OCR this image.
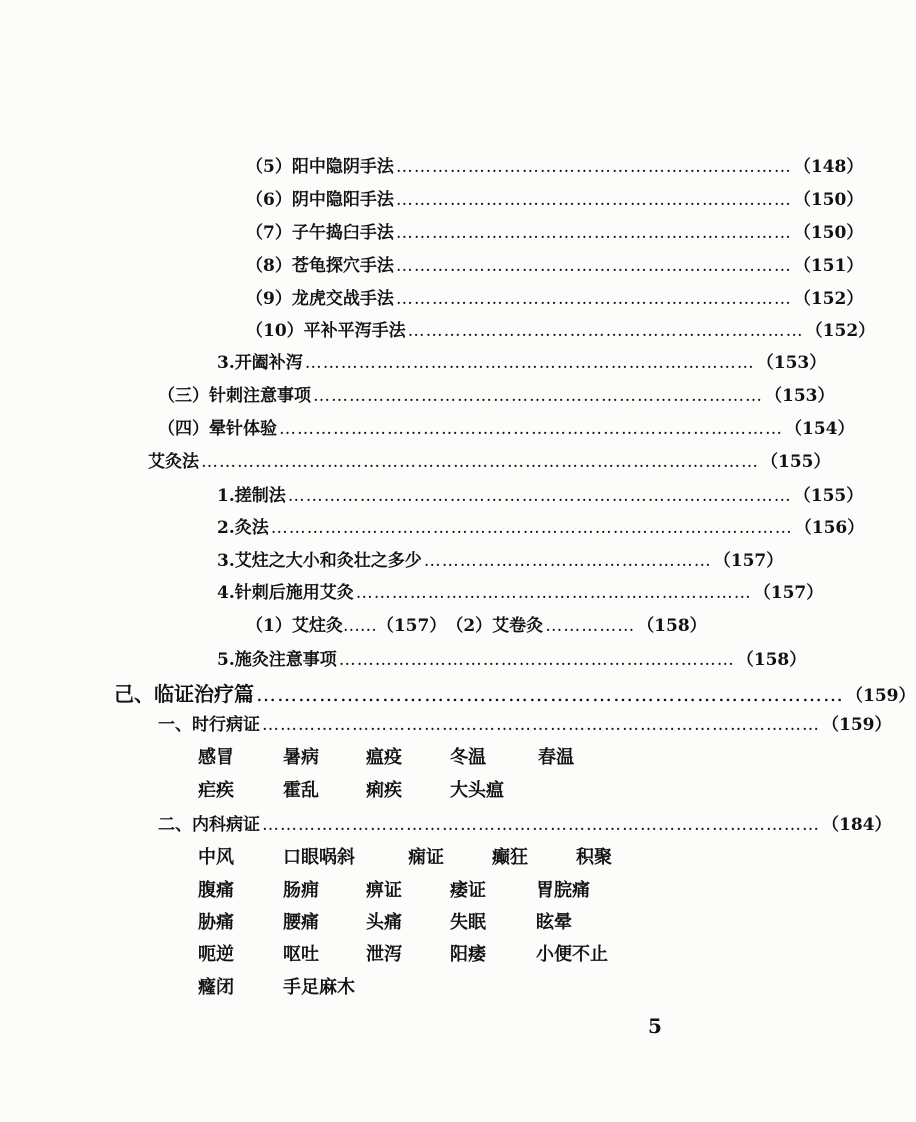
（5）阳中隐阴手法 ………………………………………………………… （148）
（6）阴中隐阳手法 ………………………………………………………… （150）
（7）子午捣臼手法 ………………………………………………………… （150）
（8）苍龟探穴手法 ………………………………………………………… （151）
（9）龙虎交战手法 ………………………………………………………… （152）
（10）平补平泻手法 ………………………………………………………… （152）
3.开阖补泻 ………………………………………………………………… （153）
（三）针刺注意事项 ………………………………………………………………… （153）
（四）晕针体验 ………………………………………………………………………… （154）
艾灸法 ………………………………………………………………………………… （155）
1.搓制法 ………………………………………………………………………… （155）
2.灸法 …………………………………………………………………………… （156）
3.艾炷之大小和灸壮之多少 ………………………………………… （157）
4.针刺后施用艾灸 ………………………………………………………… （157）
（1）艾炷灸 …… （157） （2）艾卷灸 …………… （158）
5.施灸注意事项 ………………………………………………………… （158）
己、临证治疗篇 ………………………………………………………………………… （159）
一、时行病证 ………………………………………………………………………………… （159）
感冒	暑病	瘟疫	冬温	春温
疟疾	霍乱	痢疾	大头瘟
二、内科病证 ………………………………………………………………………………… （184）
中风	口眼㖞斜	痫证	癫狂	积聚
腹痛	肠痈	痹证	痿证	胃脘痛
胁痛	腰痛	头痛	失眠	眩晕
呃逆	呕吐	泄泻	阳痿	小便不止
癃闭	手足麻木
5
